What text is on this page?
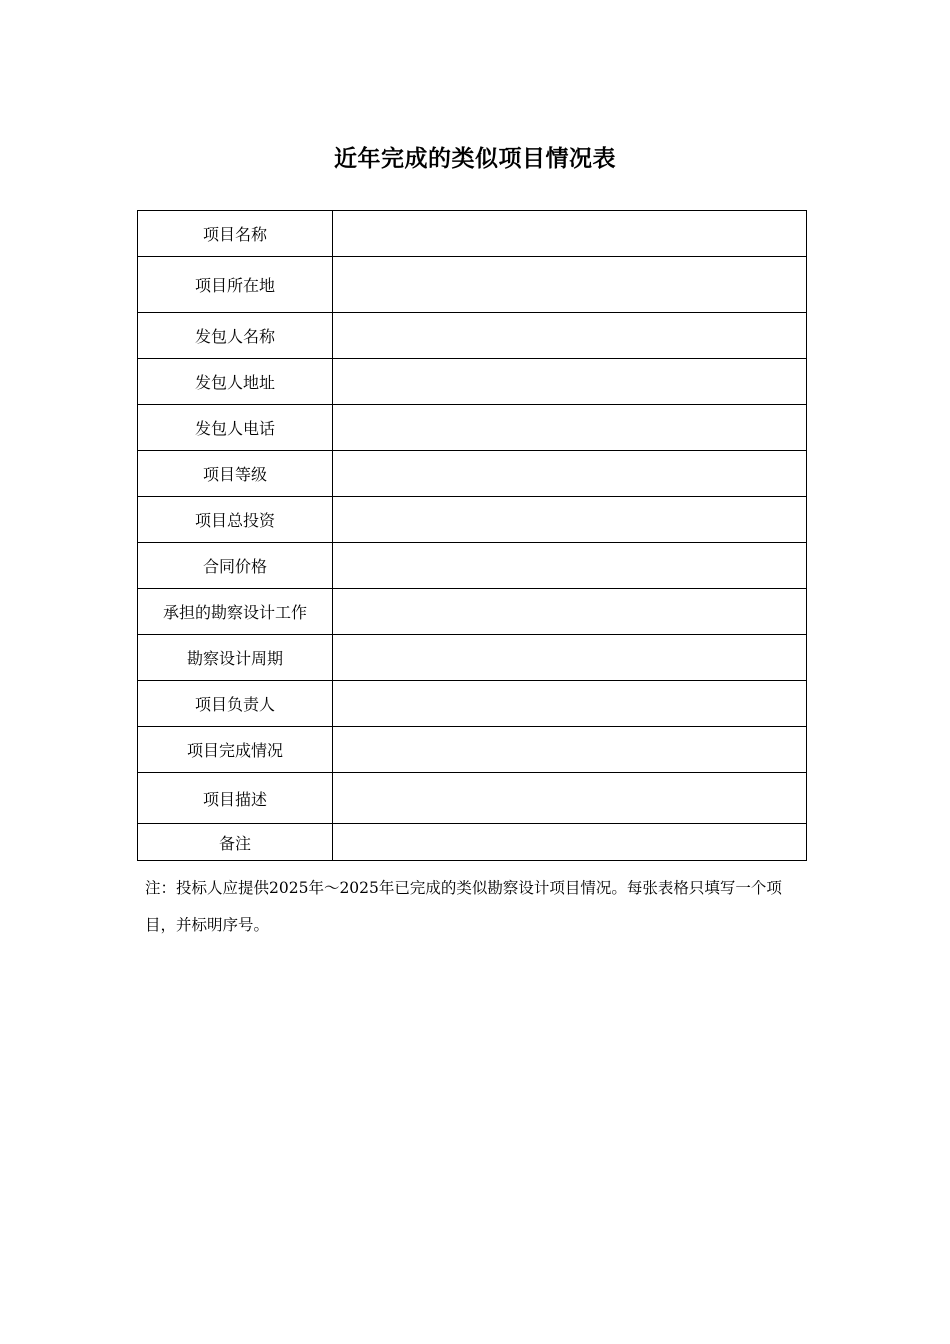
近年完成的类似项目情况表
项目名称	
项目所在地	
发包人名称	
发包人地址	
发包人电话	
项目等级	
项目总投资	
合同价格	
承担的勘察设计工作	
勘察设计周期	
项目负责人	
项目完成情况	
项目描述	
备注	
注：投标人应提供2025年～2025年已完成的类似勘察设计项目情况。每张表格只填写一个项目，并标明序号。
